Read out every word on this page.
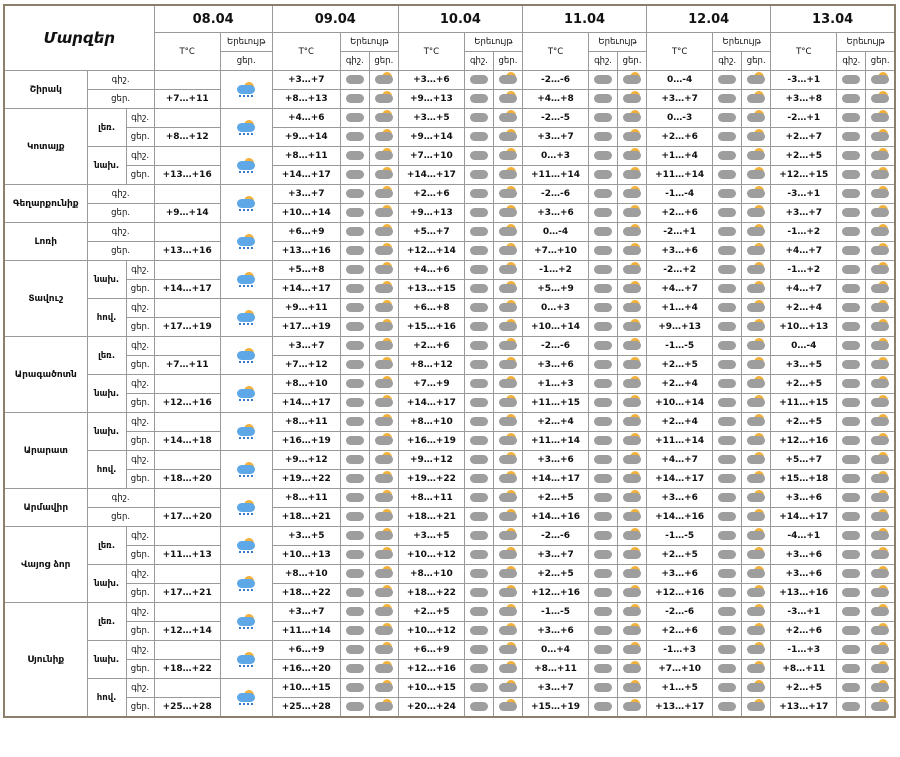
Մարզեր			08.04		09.04			10.04			11.04			12.04			13.04		
			T°C	Երեւույթ	T°C	Երեւույթ		T°C	Երեւույթ		T°C	Երեւույթ		T°C	Երեւույթ		T°C	Երեւույթ	
				ցեր.		գիշ.	ցեր.		գիշ.	ցեր.		գիշ.	ցեր.		գիշ.	ցեր.		գիշ.	ցեր.
Շիրակ	գիշ.				+3…+7			+3…+6			-2…-6			0…-4			-3…+1	

	ցեր.		+7…+11		+8…+13			+9…+13			+4…+8			+3…+7			+3…+8	

Կոտայք	լեռ.	գիշ.			+4…+6			+3…+5			-2…-5			0…-3			-2…+1	

		ցեր.	+8…+12		+9…+14			+9…+14			+3…+7			+2…+6			+2…+7	

	նախ.	գիշ.			+8…+11			+7…+10			0…+3			+1…+4			+2…+5	

		ցեր.	+13…+16		+14…+17			+14…+17			+11…+14			+11…+14			+12…+15	

Գեղարքունիք	գիշ.				+3…+7			+2…+6			-2…-6			-1…-4			-3…+1	

	ցեր.		+9…+14		+10…+14			+9…+13			+3…+6			+2…+6			+3…+7	

Լոռի	գիշ.				+6…+9			+5…+7			0…-4			-2…+1			-1…+2	

	ցեր.		+13…+16		+13…+16			+12…+14			+7…+10			+3…+6			+4…+7	

Տավուշ	նախ.	գիշ.			+5…+8			+4…+6			-1…+2			-2…+2			-1…+2	

		ցեր.	+14…+17		+14…+17			+13…+15			+5…+9			+4…+7			+4…+7	

	հով.	գիշ.			+9…+11			+6…+8			0…+3			+1…+4			+2…+4	

		ցեր.	+17…+19		+17…+19			+15…+16			+10…+14			+9…+13			+10…+13	

Արագածոտն	լեռ.	գիշ.			+3…+7			+2…+6			-2…-6			-1…-5			0…-4	

		ցեր.	+7…+11		+7…+12			+8…+12			+3…+6			+2…+5			+3…+5	

	նախ.	գիշ.			+8…+10			+7…+9			+1…+3			+2…+4			+2…+5	

		ցեր.	+12…+16		+14…+17			+14…+17			+11…+15			+10…+14			+11…+15	

Արարատ	նախ.	գիշ.			+8…+11			+8…+10			+2…+4			+2…+4			+2…+5	

		ցեր.	+14…+18		+16…+19			+16…+19			+11…+14			+11…+14			+12…+16	

	հով.	գիշ.			+9…+12			+9…+12			+3…+6			+4…+7			+5…+7	

		ցեր.	+18…+20		+19…+22			+19…+22			+14…+17			+14…+17			+15…+18	

Արմավիր	գիշ.				+8…+11			+8…+11			+2…+5			+3…+6			+3…+6	

	ցեր.		+17…+20		+18…+21			+18…+21			+14…+16			+14…+16			+14…+17	

Վայոց ձոր	լեռ.	գիշ.			+3…+5			+3…+5			-2…-6			-1…-5			-4…+1	

		ցեր.	+11…+13		+10…+13			+10…+12			+3…+7			+2…+5			+3…+6	

	նախ.	գիշ.			+8…+10			+8…+10			+2…+5			+3…+6			+3…+6	

		ցեր.	+17…+21		+18…+22			+18…+22			+12…+16			+12…+16			+13…+16	

Սյունիք	լեռ.	գիշ.			+3…+7			+2…+5			-1…-5			-2…-6			-3…+1	

		ցեր.	+12…+14		+11…+14			+10…+12			+3…+6			+2…+6			+2…+6	

	նախ.	գիշ.			+6…+9			+6…+9			0…+4			-1…+3			-1…+3	

		ցեր.	+18…+22		+16…+20			+12…+16			+8…+11			+7…+10			+8…+11	

	հով.	գիշ.			+10…+15			+10…+15			+3…+7			+1…+5			+2…+5	

		ցեր.	+25…+28		+25…+28			+20…+24			+15…+19			+13…+17			+13…+17	
